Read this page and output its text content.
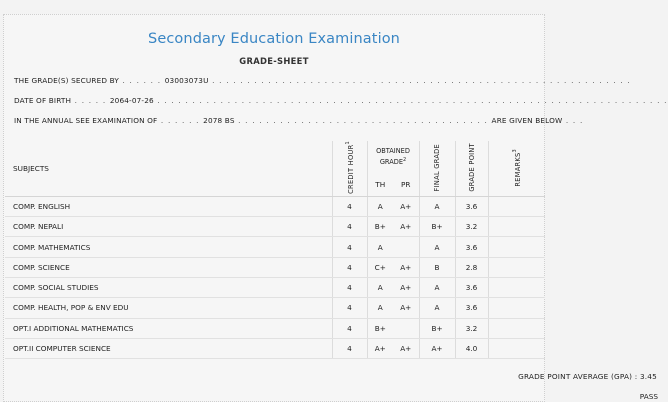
Secondary Education Examination
GRADE-SHEET
THE GRADE(S) SECURED BY . . . . . . 03003073U . . . . . . . . . . . . . . . . . . . . . . . . . . . . . . . . . . . . . . . . . . . . . . . . . . . . . . . . . . . .
DATE OF BIRTH . . . . . 2064-07-26 . . . . . . . . . . . . . . . . . . . . . . . . . . . . . . . . . . . . . . . . . . . . . . . . . . . . . . . . . . . . . . . . . . . . . . . . .
IN THE ANNUAL SEE EXAMINATION OF . . . . . . 2078 BS . . . . . . . . . . . . . . . . . . . . . . . . . . . . . . . . . . . . ARE GIVEN BELOW . . .
SUBJECTS	CREDIT HOUR$^1$	OBTAINED GRADE$^2$		FINAL GRADE	GRADE POINT	REMARKS$^3$
		TH	PR			
COMP. ENGLISH	4	A	A+	A	3.6	
COMP. NEPALI	4	B+	A+	B+	3.2	
COMP. MATHEMATICS	4	A		A	3.6	
COMP. SCIENCE	4	C+	A+	B	2.8	
COMP. SOCIAL STUDIES	4	A	A+	A	3.6	
COMP. HEALTH, POP & ENV EDU	4	A	A+	A	3.6	
OPT.I ADDITIONAL MATHEMATICS	4	B+		B+	3.2	
OPT.II COMPUTER SCIENCE	4	A+	A+	A+	4.0	
GRADE POINT AVERAGE (GPA) : 3.45
PASS
